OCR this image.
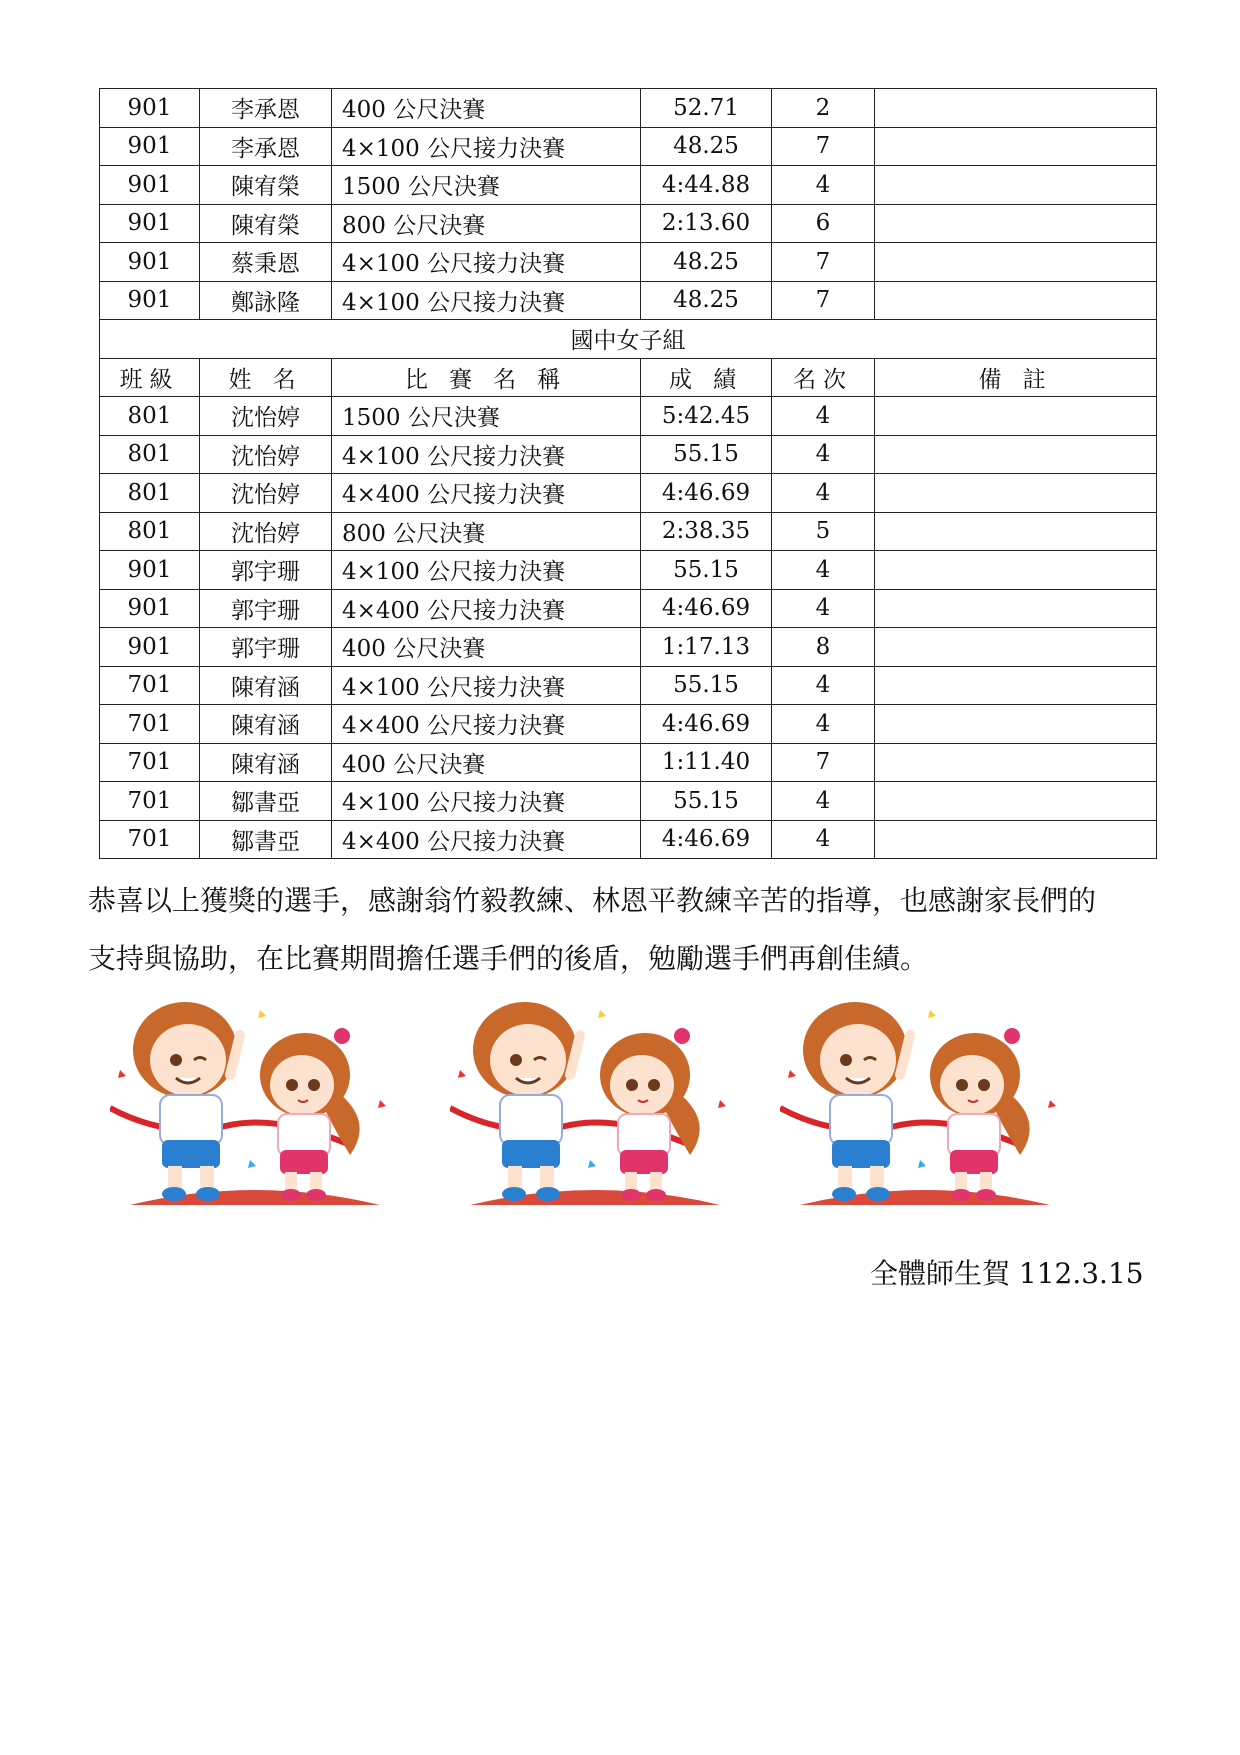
901	李承恩	400 公尺決賽	52.71	2	
901	李承恩	4×100 公尺接力決賽	48.25	7	
901	陳宥榮	1500 公尺決賽	4:44.88	4	
901	陳宥榮	800 公尺決賽	2:13.60	6	
901	蔡秉恩	4×100 公尺接力決賽	48.25	7	
901	鄭詠隆	4×100 公尺接力決賽	48.25	7	
國中女子組					
班級	姓 名	比 賽 名 稱	成 績	名次	備 註
801	沈怡婷	1500 公尺決賽	5:42.45	4	
801	沈怡婷	4×100 公尺接力決賽	55.15	4	
801	沈怡婷	4×400 公尺接力決賽	4:46.69	4	
801	沈怡婷	800 公尺決賽	2:38.35	5	
901	郭宇珊	4×100 公尺接力決賽	55.15	4	
901	郭宇珊	4×400 公尺接力決賽	4:46.69	4	
901	郭宇珊	400 公尺決賽	1:17.13	8	
701	陳宥涵	4×100 公尺接力決賽	55.15	4	
701	陳宥涵	4×400 公尺接力決賽	4:46.69	4	
701	陳宥涵	400 公尺決賽	1:11.40	7	
701	鄒書亞	4×100 公尺接力決賽	55.15	4	
701	鄒書亞	4×400 公尺接力決賽	4:46.69	4	

恭喜以上獲獎的選手，感謝翁竹毅教練、林恩平教練辛苦的指導，也感謝家長們的

支持與協助，在比賽期間擔任選手們的後盾，勉勵選手們再創佳績。

全體師生賀 112.3.15
